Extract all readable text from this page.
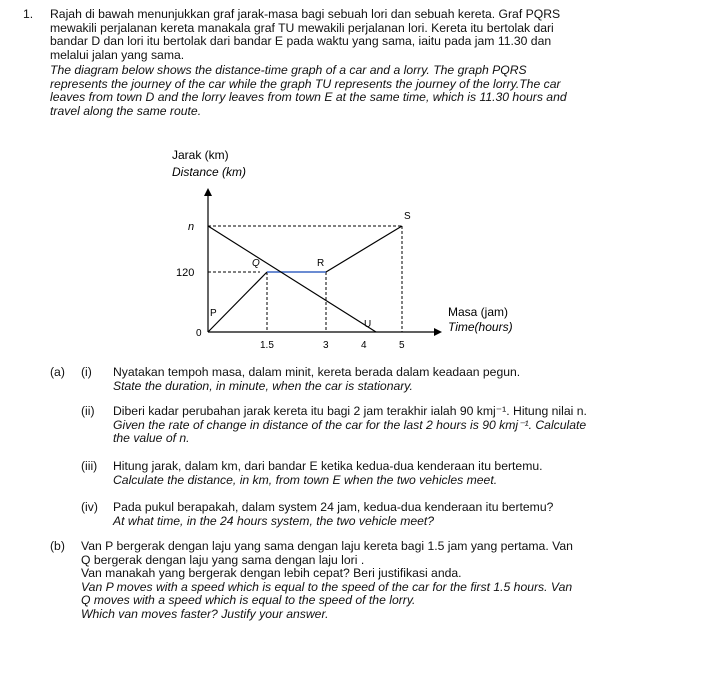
1. Rajah di bawah menunjukkan graf jarak-masa bagi sebuah lori dan sebuah kereta. Graf PQRS
mewakili perjalanan kereta manakala graf TU mewakili perjalanan lori. Kereta itu bertolak dari
bandar D dan lori itu bertolak dari bandar E pada waktu yang sama, iaitu pada jam 11.30 dan
melalui jalan yang sama.
The diagram below shows the distance-time graph of a car and a lorry. The graph PQRS
represents the journey of the car while the graph TU represents the journey of the lorry.The car
leaves from town D and the lorry leaves from town E at the same time, which is 11.30 hours and
travel along the same route.
Jarak (km)
Distance (km)
n
120
0
1.5	3	4	5
P
Q	R
S
U
Masa (jam)
Time(hours)
(a) (i) Nyatakan tempoh masa, dalam minit, kereta berada dalam keadaan pegun.
State the duration, in minute, when the car is stationary.
(ii) Diberi kadar perubahan jarak kereta itu bagi 2 jam terakhir ialah 90 kmj⁻¹. Hitung nilai n.
Given the rate of change in distance of the car for the last 2 hours is 90 kmj⁻¹. Calculate
the value of n.
(iii) Hitung jarak, dalam km, dari bandar E ketika kedua-dua kenderaan itu bertemu.
Calculate the distance, in km, from town E when the two vehicles meet.
(iv) Pada pukul berapakah, dalam system 24 jam, kedua-dua kenderaan itu bertemu?
At what time, in the 24 hours system, the two vehicle meet?
(b) Van P bergerak dengan laju yang sama dengan laju kereta bagi 1.5 jam yang pertama. Van
Q bergerak dengan laju yang sama dengan laju lori .
Van manakah yang bergerak dengan lebih cepat? Beri justifikasi anda.
Van P moves with a speed which is equal to the speed of the car for the first 1.5 hours. Van
Q moves with a speed which is equal to the speed of the lorry.
Which van moves faster? Justify your answer.
